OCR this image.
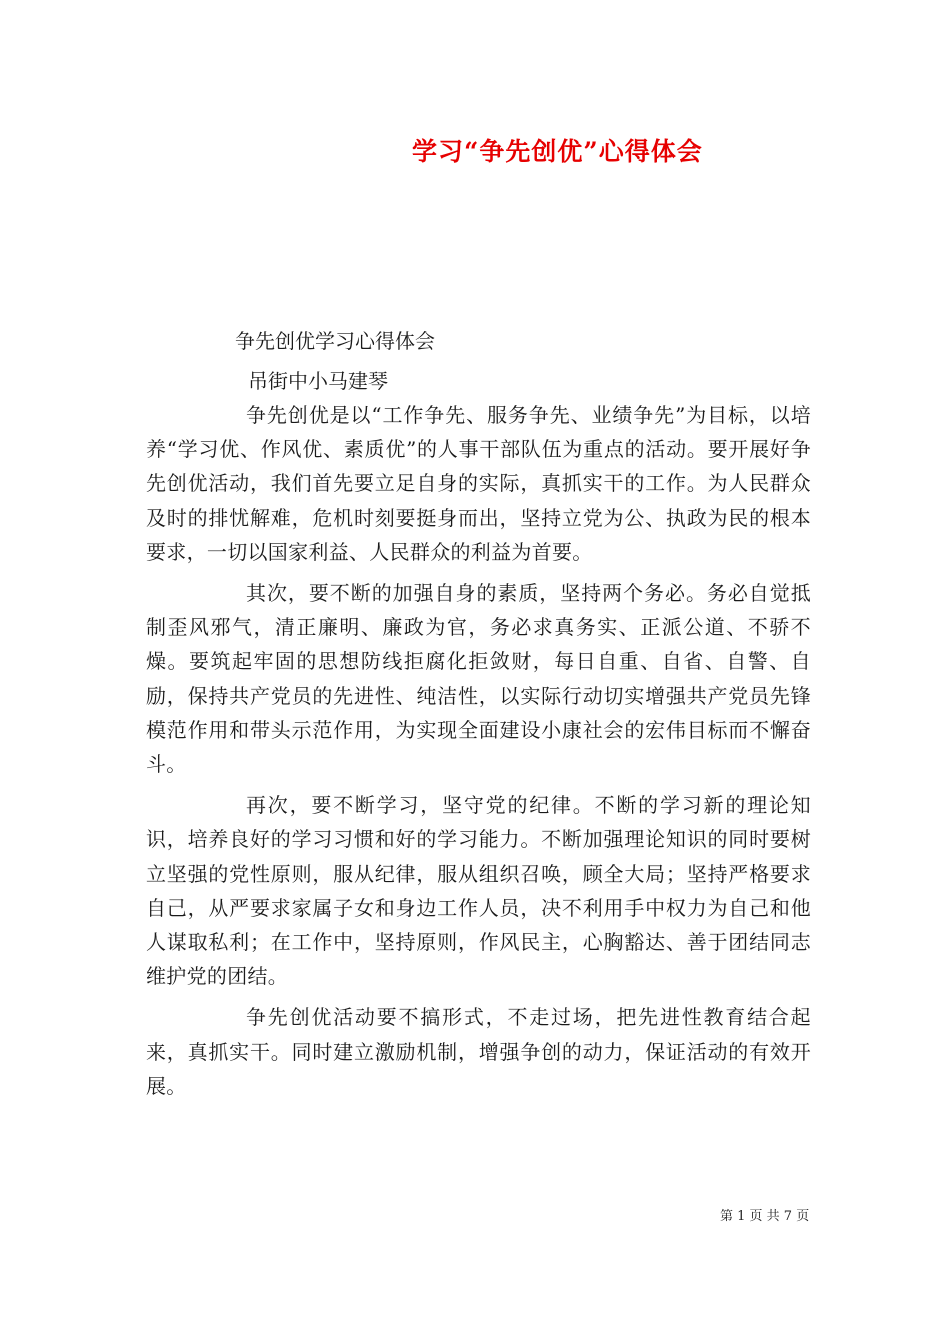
学习“争先创优”心得体会
争先创优学习心得体会
吊街中小马建琴

争先创优是以“工作争先、服务争先、业绩争先”为目标，以培养“学习优、作风优、素质优”的人事干部队伍为重点的活动。要开展好争先创优活动，我们首先要立足自身的实际，真抓实干的工作。为人民群众及时的排忧解难，危机时刻要挺身而出，坚持立党为公、执政为民的根本要求，一切以国家利益、人民群众的利益为首要。

其次，要不断的加强自身的素质，坚持两个务必。务必自觉抵制歪风邪气，清正廉明、廉政为官，务必求真务实、正派公道、不骄不燥。要筑起牢固的思想防线拒腐化拒敛财，每日自重、自省、自警、自励，保持共产党员的先进性、纯洁性，以实际行动切实增强共产党员先锋模范作用和带头示范作用，为实现全面建设小康社会的宏伟目标而不懈奋斗。

再次，要不断学习，坚守党的纪律。不断的学习新的理论知识，培养良好的学习习惯和好的学习能力。不断加强理论知识的同时要树立坚强的党性原则，服从纪律，服从组织召唤，顾全大局；坚持严格要求自己，从严要求家属子女和身边工作人员，决不利用手中权力为自己和他人谋取私利；在工作中，坚持原则，作风民主，心胸豁达、善于团结同志维护党的团结。

争先创优活动要不搞形式，不走过场，把先进性教育结合起来，真抓实干。同时建立激励机制，增强争创的动力，保证活动的有效开展。

第 1 页 共 7 页
